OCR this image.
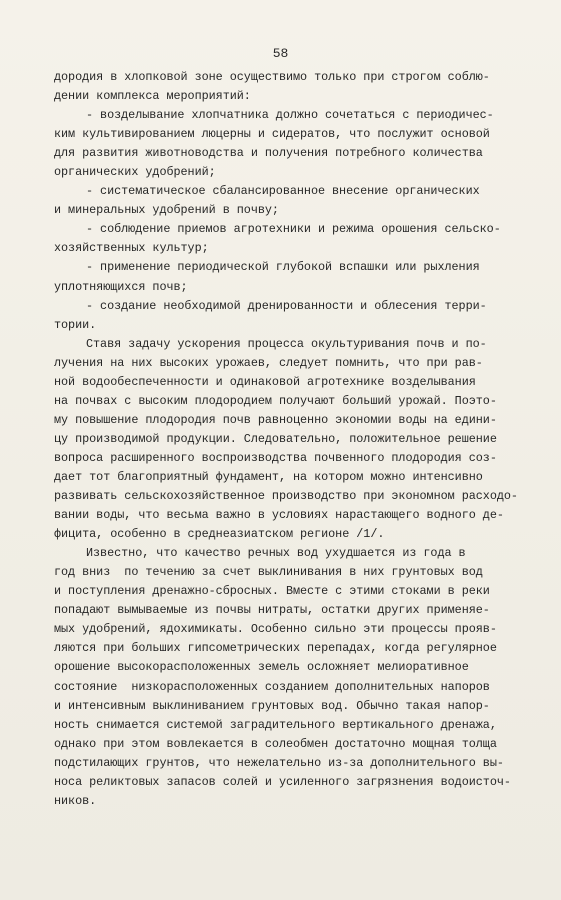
58
дородия в хлопковой зоне осуществимо только при строгом соблю-
дении комплекса мероприятий:
- возделывание хлопчатника должно сочетаться с периодичес-
ким культивированием люцерны и сидератов, что послужит основой
для развития животноводства и получения потребного количества
органических удобрений;
- систематическое сбалансированное внесение органических
и минеральных удобрений в почву;
- соблюдение приемов агротехники и режима орошения сельско-
хозяйственных культур;
- применение периодической глубокой вспашки или рыхления
уплотняющихся почв;
- создание необходимой дренированности и облесения терри-
тории.
Ставя задачу ускорения процесса окультуривания почв и по-
лучения на них высоких урожаев, следует помнить, что при рав-
ной водообеспеченности и одинаковой агротехнике возделывания
на почвах с высоким плодородием получают больший урожай. Поэто-
му повышение плодородия почв равноценно экономии воды на едини-
цу производимой продукции. Следовательно, положительное решение
вопроса расширенного воспроизводства почвенного плодородия соз-
дает тот благоприятный фундамент, на котором можно интенсивно
развивать сельскохозяйственное производство при экономном расходо-
вании воды, что весьма важно в условиях нарастающего водного де-
фицита, особенно в среднеазиатском регионе /1/.
Известно, что качество речных вод ухудшается из года в
год вниз  по течению за счет выклинивания в них грунтовых вод
и поступления дренажно-сбросных. Вместе с этими стоками в реки
попадают вымываемые из почвы нитраты, остатки других применяе-
мых удобрений, ядохимикаты. Особенно сильно эти процессы прояв-
ляются при больших гипсометрических перепадах, когда регулярное
орошение высокорасположенных земель осложняет мелиоративное
состояние  низкорасположенных созданием дополнительных напоров
и интенсивным выклиниванием грунтовых вод. Обычно такая напор-
ность снимается системой заградительного вертикального дренажа,
однако при этом вовлекается в солеобмен достаточно мощная толща
подстилающих грунтов, что нежелательно из-за дополнительного вы-
носа реликтовых запасов солей и усиленного загрязнения водоисточ-
ников.
